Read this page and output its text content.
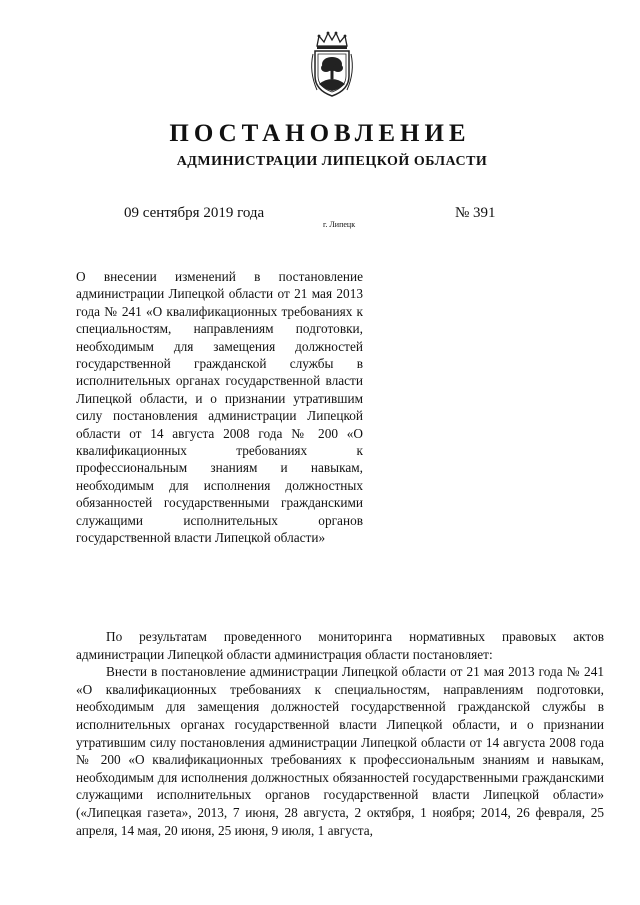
ПОСТАНОВЛЕНИЕ
АДМИНИСТРАЦИИ ЛИПЕЦКОЙ ОБЛАСТИ
09 сентября 2019 года
г. Липецк
№ 391
О внесении изменений в постановление администрации Липецкой области от 21 мая 2013 года № 241 «О квалификационных требованиях к специальностям, направлениям подготовки, необходимым для замещения должностей государственной гражданской службы в исполнительных органах государственной власти Липецкой области, и о признании утратившим силу постановления администрации Липецкой области от 14 августа 2008 года № 200 «О квалификационных требованиях к профессиональным знаниям и навыкам, необходимым для исполнения должностных обязанностей государственными гражданскими служащими исполнительных органов государственной власти Липецкой области»

По результатам проведенного мониторинга нормативных правовых актов администрации Липецкой области администрация области постановляет:

Внести в постановление администрации Липецкой области от 21 мая 2013 года № 241 «О квалификационных требованиях к специальностям, направлениям подготовки, необходимым для замещения должностей государственной гражданской службы в исполнительных органах государственной власти Липецкой области, и о признании утратившим силу постановления администрации Липецкой области от 14 августа 2008 года № 200 «О квалификационных требованиях к профессиональным знаниям и навыкам, необходимым для исполнения должностных обязанностей государственными гражданскими служащими исполнительных органов государственной власти Липецкой области» («Липецкая газета», 2013, 7 июня, 28 августа, 2 октября, 1 ноября; 2014, 26 февраля, 25 апреля, 14 мая, 20 июня, 25 июня, 9 июля, 1 августа,
